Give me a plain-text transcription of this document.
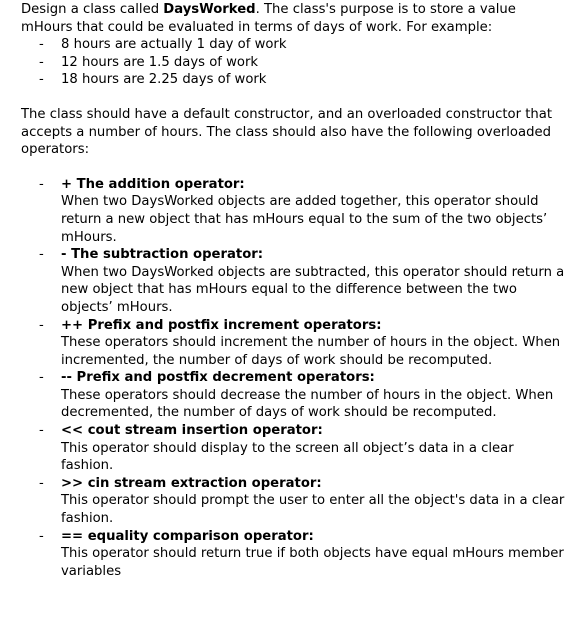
Design a class called DaysWorked. The class's purpose is to store a value mHours that could be evaluated in terms of days of work. For example:

- 8 hours are actually 1 day of work
- 12 hours are 1.5 days of work
- 18 hours are 2.25 days of work

The class should have a default constructor, and an overloaded constructor that accepts a number of hours. The class should also have the following overloaded operators:

- + The addition operator:

When two DaysWorked objects are added together, this operator should return a new object that has mHours equal to the sum of the two objects’ mHours.

- - The subtraction operator:

When two DaysWorked objects are subtracted, this operator should return a new object that has mHours equal to the difference between the two objects’ mHours.

- ++ Prefix and postfix increment operators:

These operators should increment the number of hours in the object. When incremented, the number of days of work should be recomputed.

- -- Prefix and postfix decrement operators:

These operators should decrease the number of hours in the object. When decremented, the number of days of work should be recomputed.

- << cout stream insertion operator:

This operator should display to the screen all object’s data in a clear fashion.

- >> cin stream extraction operator:

This operator should prompt the user to enter all the object's data in a clear fashion.

- == equality comparison operator:

This operator should return true if both objects have equal mHours member variables
